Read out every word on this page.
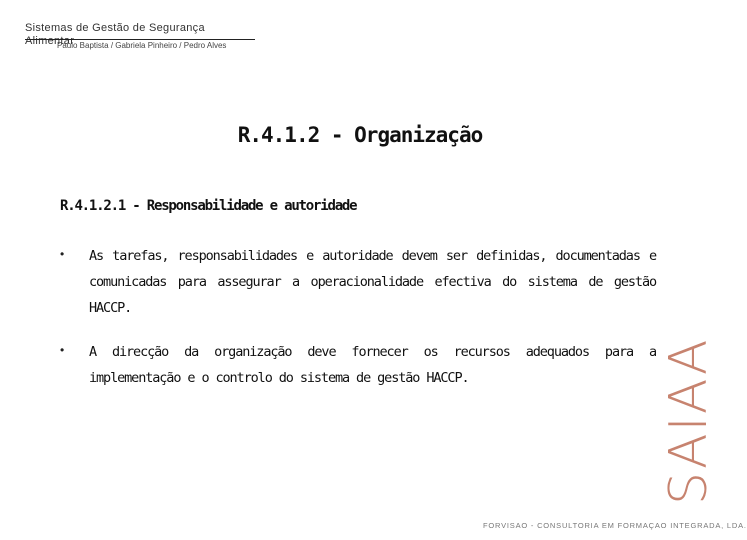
Sistemas de Gestão de Segurança Alimentar
Paulo Baptista / Gabriela Pinheiro / Pedro Alves
R.4.1.2 - Organização
R.4.1.2.1 - Responsabilidade e autoridade
• As tarefas, responsabilidades e autoridade devem ser definidas, documentadas e comunicadas para assegurar a operacionalidade efectiva do sistema de gestão HACCP.
• A direcção da organização deve fornecer os recursos adequados para a implementação e o controlo do sistema de gestão HACCP.	SAIAA
FORVISAO - CONSULTORIA EM FORMAÇAO INTEGRADA, LDA.
